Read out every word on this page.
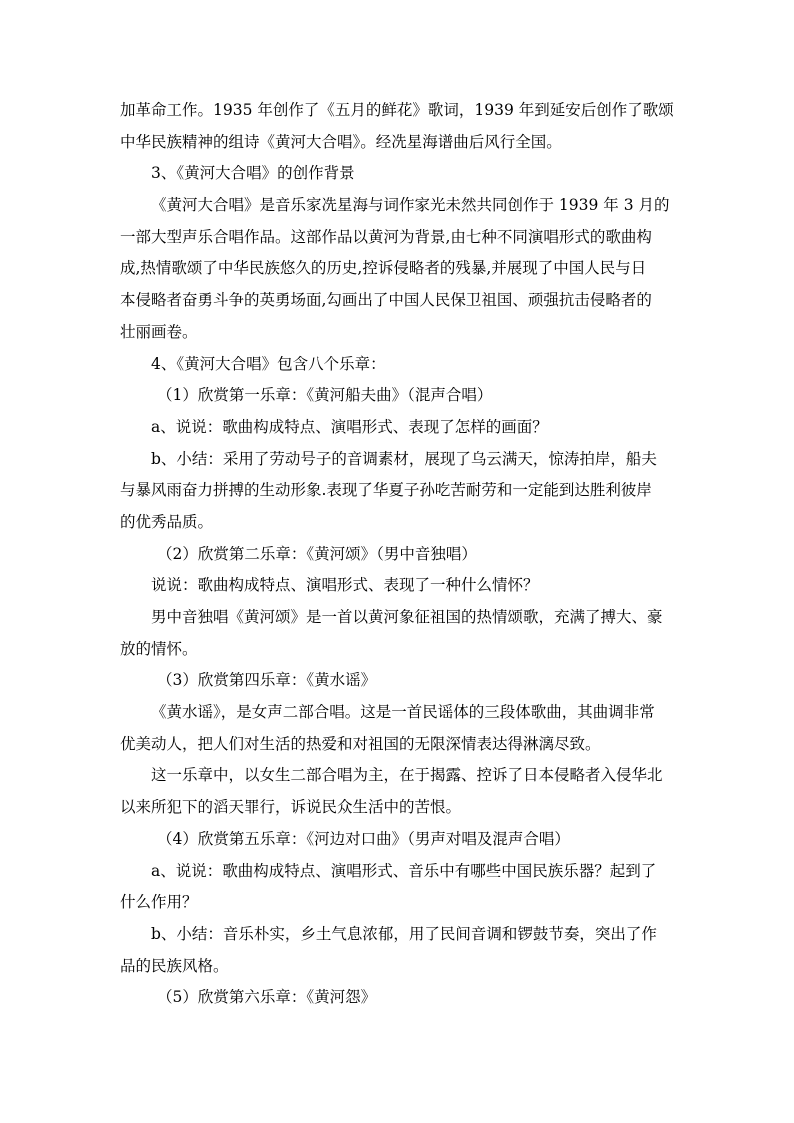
加革命工作。1935 年创作了《五月的鲜花》歌词，1939 年到延安后创作了歌颂
中华民族精神的组诗《黄河大合唱》。经冼星海谱曲后风行全国。
3、《黄河大合唱》的创作背景
《黄河大合唱》是音乐家冼星海与词作家光未然共同创作于 1939 年 3 月的
一部大型声乐合唱作品。这部作品以黄河为背景,由七种不同演唱形式的歌曲构
成,热情歌颂了中华民族悠久的历史,控诉侵略者的残暴,并展现了中国人民与日
本侵略者奋勇斗争的英勇场面,勾画出了中国人民保卫祖国、顽强抗击侵略者的
壮丽画卷。
4、《黄河大合唱》包含八个乐章：
（1）欣赏第一乐章：《黄河船夫曲》（混声合唱）
a、说说：歌曲构成特点、演唱形式、表现了怎样的画面？
b、小结：采用了劳动号子的音调素材，展现了乌云满天，惊涛拍岸，船夫
与暴风雨奋力拼搏的生动形象.表现了华夏子孙吃苦耐劳和一定能到达胜利彼岸
的优秀品质。
（2）欣赏第二乐章：《黄河颂》（男中音独唱）
说说：歌曲构成特点、演唱形式、表现了一种什么情怀？
男中音独唱《黄河颂》是一首以黄河象征祖国的热情颂歌，充满了搏大、豪
放的情怀。
（3）欣赏第四乐章：《黄水谣》
《黄水谣》，是女声二部合唱。这是一首民谣体的三段体歌曲，其曲调非常
优美动人，把人们对生活的热爱和对祖国的无限深情表达得淋漓尽致。
这一乐章中，以女生二部合唱为主，在于揭露、控诉了日本侵略者入侵华北
以来所犯下的滔天罪行，诉说民众生活中的苦恨。
（4）欣赏第五乐章：《河边对口曲》（男声对唱及混声合唱）
a、说说：歌曲构成特点、演唱形式、音乐中有哪些中国民族乐器？起到了
什么作用？
b、小结：音乐朴实，乡土气息浓郁，用了民间音调和锣鼓节奏，突出了作
品的民族风格。
（5）欣赏第六乐章：《黄河怨》
